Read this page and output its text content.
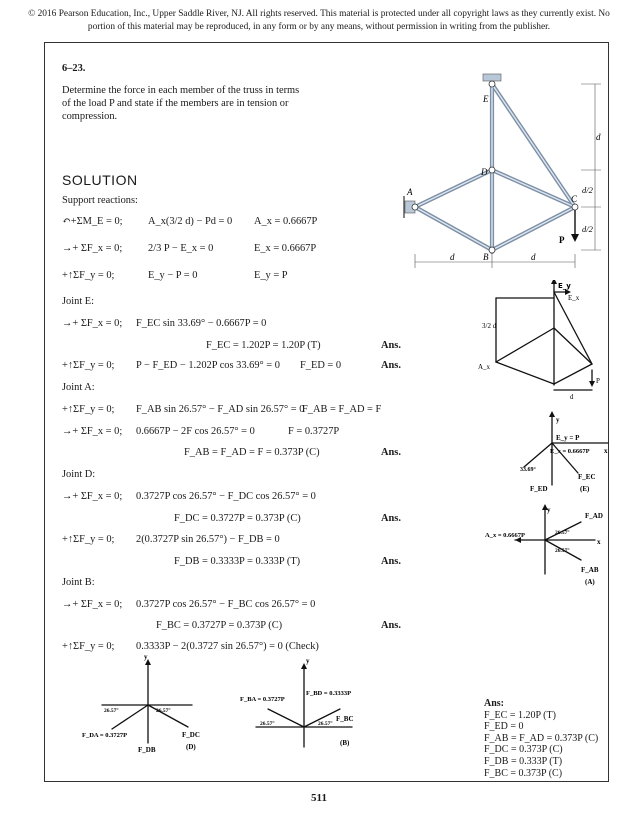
© 2016 Pearson Education, Inc., Upper Saddle River, NJ. All rights reserved. This material is protected under all copyright laws as they currently exist. No portion of this material may be reproduced, in any form or by any means, without permission in writing from the publisher.
6–23.
Determine the force in each member of the truss in terms
of the load P and state if the members are in tension or
compression.
E
D
A
C
B
P
d
d/2
d/2
d	d
SOLUTION
Support reactions:
↶+ΣM_E = 0; A_x(3/2 d) − Pd = 0 A_x = 0.6667P
→+ ΣF_x = 0; 2/3 P − E_x = 0	E_x = 0.6667P
+↑ΣF_y = 0;	E_y − P = 0	E_y = P
Joint E:
→+ ΣF_x = 0; F_EC sin 33.69° − 0.6667P = 0
F_EC = 1.202P = 1.20P (T)	Ans.
+↑ΣF_y = 0; P − F_ED − 1.202P cos 33.69° = 0 F_ED = 0	Ans.
Joint A:
+↑ΣF_y = 0; F_AB sin 26.57° − F_AD sin 26.57° = 0
F_AB = F_AD = F
→+ ΣF_x = 0; 0.6667P − 2F cos 26.57° = 0	F = 0.3727P
F_AB = F_AD = F = 0.373P (C)	Ans.
Joint D:
→+ ΣF_x = 0; 0.3727P cos 26.57° − F_DC cos 26.57° = 0
F_DC = 0.3727P = 0.373P (C)	Ans.
+↑ΣF_y = 0; 2(0.3727P sin 26.57°) − F_DB = 0
F_DB = 0.3333P = 0.333P (T)	Ans.
Joint B:
→+ ΣF_x = 0; 0.3727P cos 26.57° − F_BC cos 26.57° = 0
F_BC = 0.3727P = 0.373P (C)	Ans.
+↑ΣF_y = 0; 0.3333P − 2(0.3727 sin 26.57°) = 0 (Check)
E_y
E_x
3/2 d
A_x
P
d
y
E_y = P
E_x = 0.6667P x
33.69°
F_EC
F_ED	(E)
y
A_x = 0.6667P
F_AD
26.57°
26.57°
x
F_AB
(A)
y
26.57°	26.57°
F_DA = 0.3727P	F_DC
F_DB	(D)
y
F_BA = 0.3727P
F_BD = 0.3333P
F_BC
26.57°	26.57°
(B)
Ans:
F_EC = 1.20P (T)
F_ED = 0
F_AB = F_AD = 0.373P (C)
F_DC = 0.373P (C)
F_DB = 0.333P (T)
F_BC = 0.373P (C)
511
